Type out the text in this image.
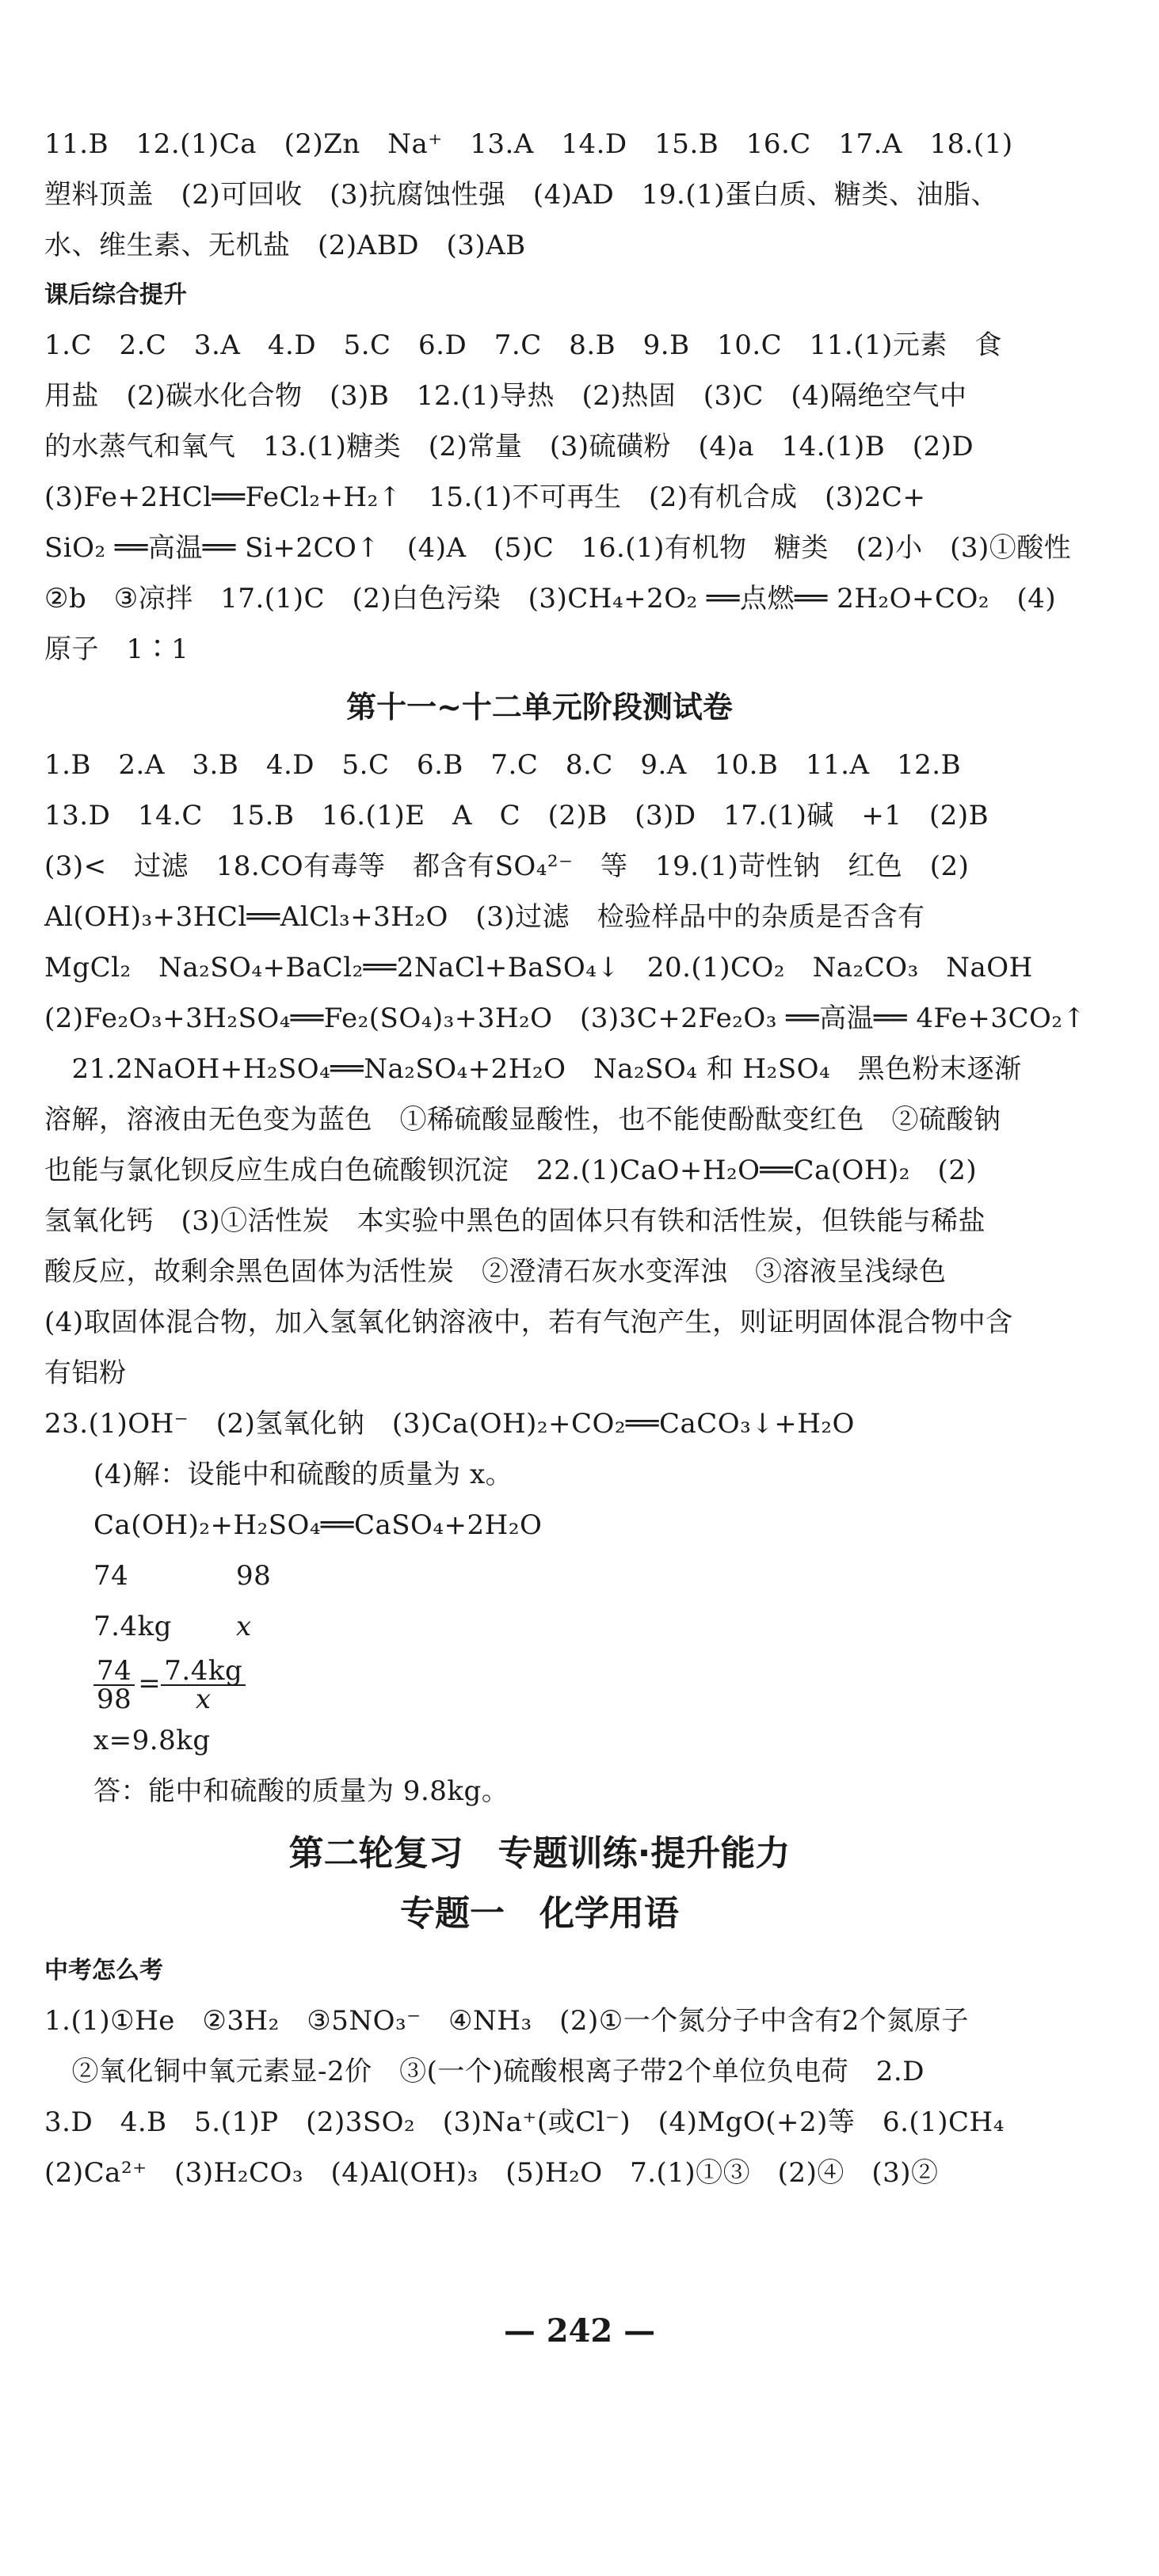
11.B　12.(1)Ca　(2)Zn　Na⁺　13.A　14.D　15.B　16.C　17.A　18.(1)
塑料顶盖　(2)可回收　(3)抗腐蚀性强　(4)AD　19.(1)蛋白质、糖类、油脂、
水、维生素、无机盐　(2)ABD　(3)AB
课后综合提升
1.C　2.C　3.A　4.D　5.C　6.D　7.C　8.B　9.B　10.C　11.(1)元素　食
用盐　(2)碳水化合物　(3)B　12.(1)导热　(2)热固　(3)C　(4)隔绝空气中
的水蒸气和氧气　13.(1)糖类　(2)常量　(3)硫磺粉　(4)a　14.(1)B　(2)D
(3)Fe+2HCl══FeCl₂+H₂↑　15.(1)不可再生　(2)有机合成　(3)2C+
SiO₂ ══高温══ Si+2CO↑　(4)A　(5)C　16.(1)有机物　糖类　(2)小　(3)①酸性
②b　③凉拌　17.(1)C　(2)白色污染　(3)CH₄+2O₂ ══点燃══ 2H₂O+CO₂　(4)
原子　1∶1
第十一~十二单元阶段测试卷
1.B　2.A　3.B　4.D　5.C　6.B　7.C　8.C　9.A　10.B　11.A　12.B
13.D　14.C　15.B　16.(1)E　A　C　(2)B　(3)D　17.(1)碱　+1　(2)B
(3)<　过滤　18.CO有毒等　都含有SO₄²⁻　等　19.(1)苛性钠　红色　(2)
Al(OH)₃+3HCl══AlCl₃+3H₂O　(3)过滤　检验样品中的杂质是否含有
MgCl₂　Na₂SO₄+BaCl₂══2NaCl+BaSO₄↓　20.(1)CO₂　Na₂CO₃　NaOH
(2)Fe₂O₃+3H₂SO₄══Fe₂(SO₄)₃+3H₂O　(3)3C+2Fe₂O₃ ══高温══ 4Fe+3CO₂↑
　21.2NaOH+H₂SO₄══Na₂SO₄+2H₂O　Na₂SO₄ 和 H₂SO₄　黑色粉末逐渐
溶解，溶液由无色变为蓝色　①稀硫酸显酸性，也不能使酚酞变红色　②硫酸钠
也能与氯化钡反应生成白色硫酸钡沉淀　22.(1)CaO+H₂O══Ca(OH)₂　(2)
氢氧化钙　(3)①活性炭　本实验中黑色的固体只有铁和活性炭，但铁能与稀盐
酸反应，故剩余黑色固体为活性炭　②澄清石灰水变浑浊　③溶液呈浅绿色
(4)取固体混合物，加入氢氧化钠溶液中，若有气泡产生，则证明固体混合物中含
有铝粉
23.(1)OH⁻　(2)氢氧化钠　(3)Ca(OH)₂+CO₂══CaCO₃↓+H₂O
(4)解：设能中和硫酸的质量为 x。
Ca(OH)₂+H₂SO₄══CaSO₄+2H₂O
74	98
7.4kg	x
$\frac{74}{98} = \frac{7.4kg}{x}$
x=9.8kg
答：能中和硫酸的质量为 9.8kg。
第二轮复习　专题训练·提升能力
专题一　化学用语
中考怎么考
1.(1)①He　②3H₂　③5NO₃⁻　④NH₃　(2)①一个氮分子中含有2个氮原子
　②氧化铜中氧元素显-2价　③(一个)硫酸根离子带2个单位负电荷　2.D
3.D　4.B　5.(1)P　(2)3SO₂　(3)Na⁺(或Cl⁻)　(4)MgO(+2)等　6.(1)CH₄
(2)Ca²⁺　(3)H₂CO₃　(4)Al(OH)₃　(5)H₂O　7.(1)①③　(2)④　(3)②
— 242 —
